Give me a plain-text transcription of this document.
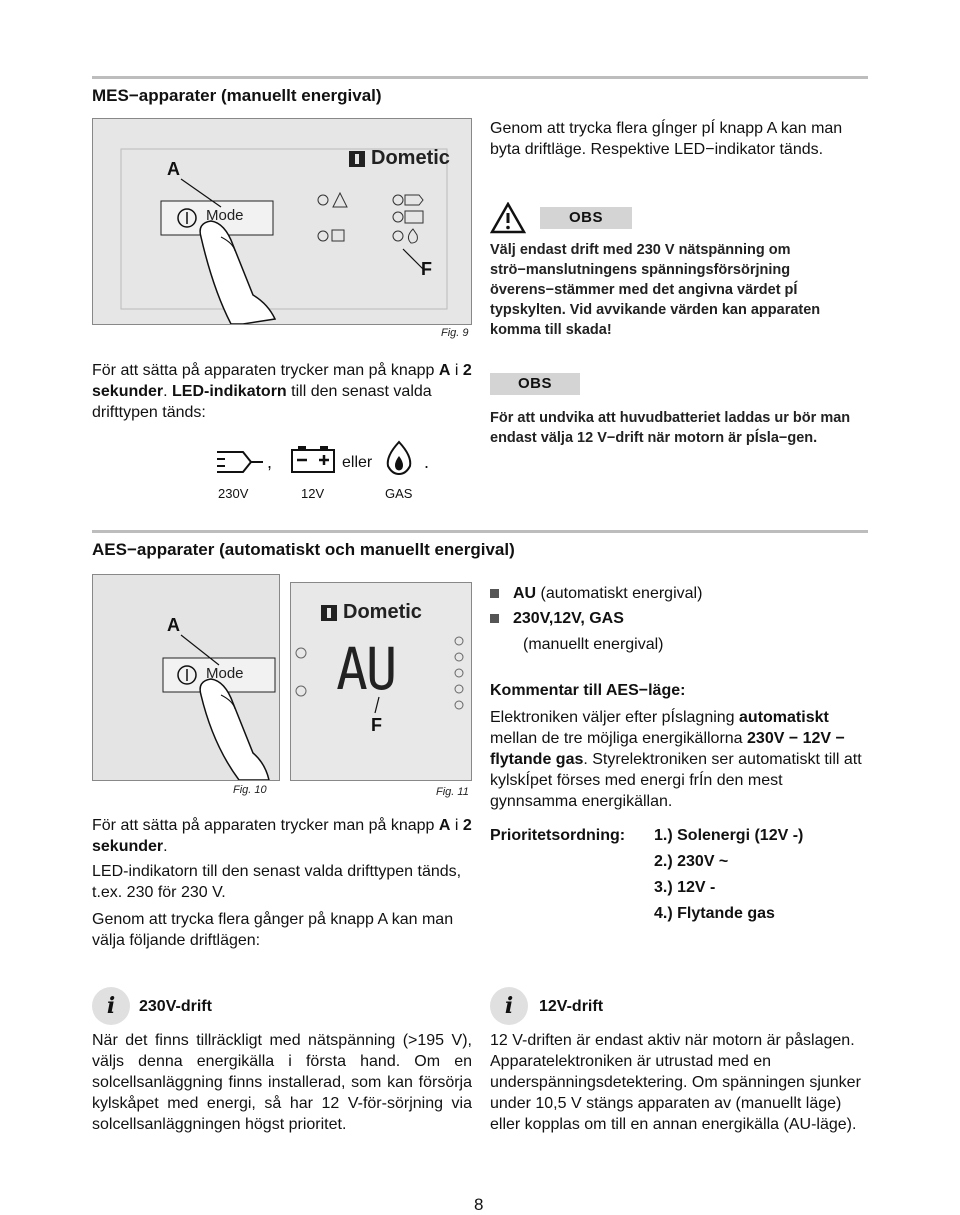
MES−apparater (manuellt energival)
A	Dometic
Mode
F
Fig. 9
För att sätta på apparaten trycker man på knapp A i 2 sekunder. LED-indikatorn till den senast valda drifttypen tänds:
,	eller	.
230V	12V	GAS
Genom att trycka flera gÍnger pÍ knapp A kan man byta driftläge. Respektive LED−indikator tänds.
OBS
Välj endast drift med 230 V nätspänning om strö−manslutningens spänningsförsörjning överens−stämmer med det angivna värdet pÍ typskylten. Vid avvikande värden kan apparaten komma till skada!
OBS
För att undvika att huvudbatteriet laddas ur bör man endast välja 12 V−drift när motorn är pÍsla−gen.
AES−apparater (automatiskt och manuellt energival)
A
Mode
Fig. 10
Dometic
AU
F
Fig. 11
För att sätta på apparaten trycker man på knapp A i 2 sekunder.
LED-indikatorn till den senast valda drifttypen tänds, t.ex. 230 för 230 V.
Genom att trycka flera gånger på knapp A kan man välja följande driftlägen:
AU (automatiskt energival)
230V,12V, GAS
(manuellt energival)
Kommentar till AES−läge:
Elektroniken väljer efter pÍslagning automatiskt mellan de tre möjliga energikällorna 230V − 12V − flytande gas. Styrelektroniken ser automatiskt till att kylskÍpet förses med energi frÍn den mest gynnsamma energikällan.
Prioritetsordning: 1.) Solenergi (12V -)
2.) 230V ~
3.) 12V -
4.) Flytande gas
i	230V-drift
När det finns tillräckligt med nätspänning (>195 V), väljs denna energikälla i första hand. Om en solcellsanläggning finns installerad, som kan försörja kylskåpet med energi, så har 12 V-för-sörjning via solcellsanläggningen högst prioritet.
i	12V-drift
12 V-driften är endast aktiv när motorn är påslagen. Apparatelektroniken är utrustad med en underspänningsdetektering. Om spänningen sjunker under 10,5 V stängs apparaten av (manuellt läge) eller kopplas om till en annan energikälla (AU-läge).
8
